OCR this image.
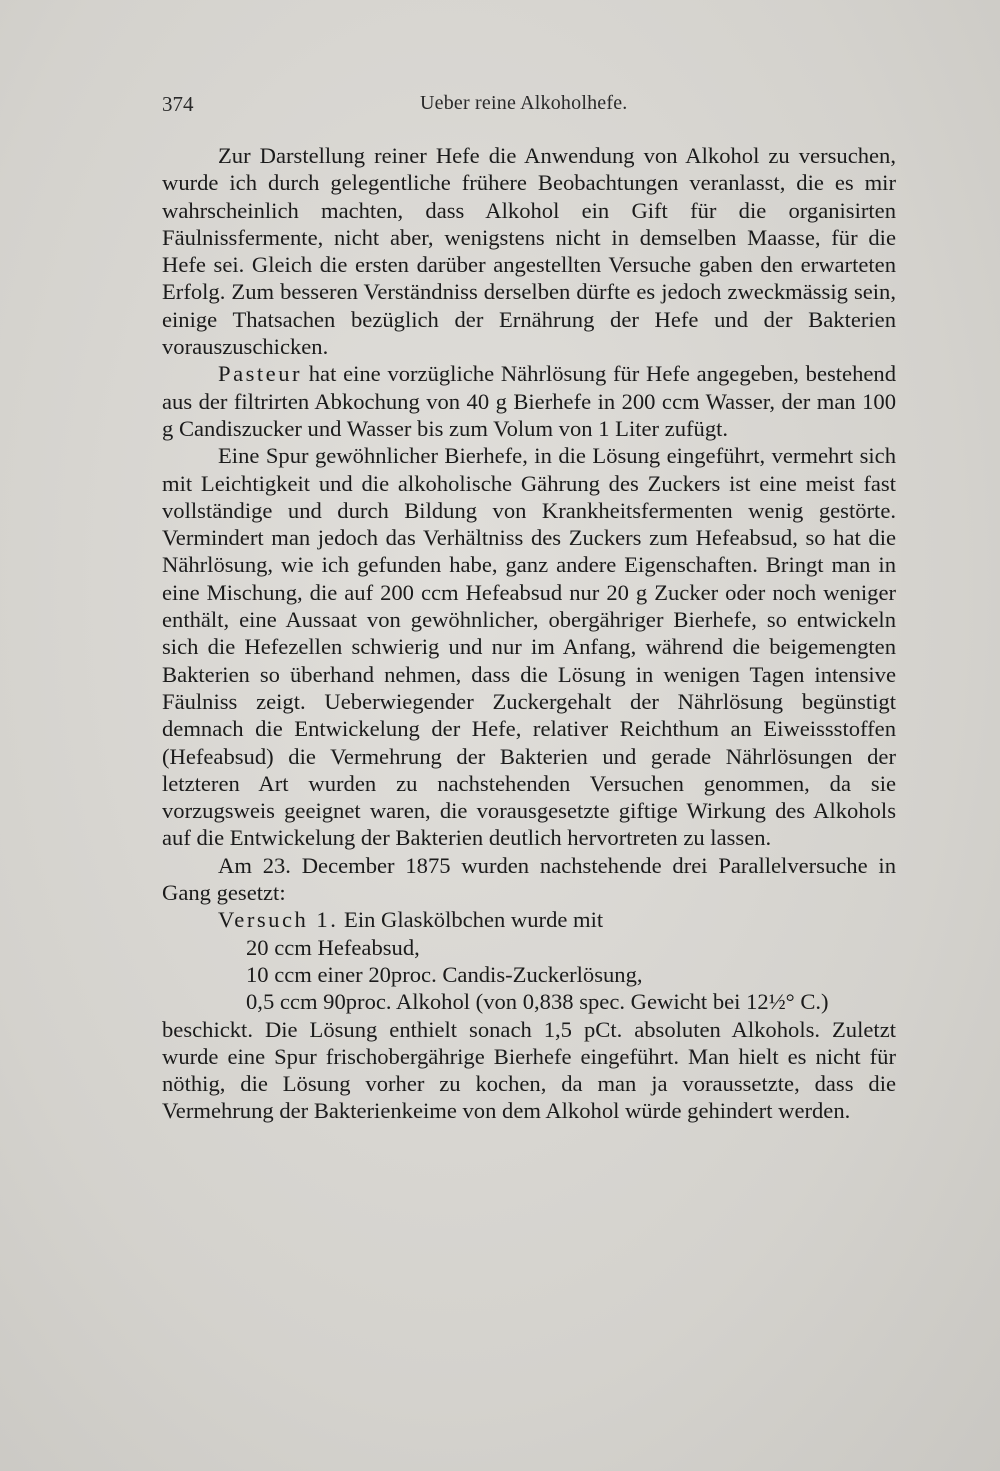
374	Ueber reine Alkoholhefe.

Zur Darstellung reiner Hefe die Anwendung von Alkohol zu versuchen, wurde ich durch gelegentliche frühere Beobachtungen veranlasst, die es mir wahrscheinlich machten, dass Alkohol ein Gift für die organisirten Fäulnissfermente, nicht aber, wenigstens nicht in demselben Maasse, für die Hefe sei. Gleich die ersten darüber angestellten Versuche gaben den erwarteten Erfolg. Zum besseren Verständniss derselben dürfte es jedoch zweckmässig sein, einige Thatsachen bezüglich der Ernährung der Hefe und der Bakterien vorauszuschicken.

Pasteur hat eine vorzügliche Nährlösung für Hefe angegeben, bestehend aus der filtrirten Abkochung von 40 g Bierhefe in 200 ccm Wasser, der man 100 g Candiszucker und Wasser bis zum Volum von 1 Liter zufügt.

Eine Spur gewöhnlicher Bierhefe, in die Lösung eingeführt, vermehrt sich mit Leichtigkeit und die alkoholische Gährung des Zuckers ist eine meist fast vollständige und durch Bildung von Krankheitsfermenten wenig gestörte. Vermindert man jedoch das Verhältniss des Zuckers zum Hefeabsud, so hat die Nährlösung, wie ich gefunden habe, ganz andere Eigenschaften. Bringt man in eine Mischung, die auf 200 ccm Hefeabsud nur 20 g Zucker oder noch weniger enthält, eine Aussaat von gewöhnlicher, obergähriger Bierhefe, so entwickeln sich die Hefezellen schwierig und nur im Anfang, während die beigemengten Bakterien so überhand nehmen, dass die Lösung in wenigen Tagen intensive Fäulniss zeigt. Ueberwiegender Zuckergehalt der Nährlösung begünstigt demnach die Entwickelung der Hefe, relativer Reichthum an Eiweissstoffen (Hefeabsud) die Vermehrung der Bakterien und gerade Nährlösungen der letzteren Art wurden zu nachstehenden Versuchen genommen, da sie vorzugsweis geeignet waren, die vorausgesetzte giftige Wirkung des Alkohols auf die Entwickelung der Bakterien deutlich hervortreten zu lassen.

Am 23. December 1875 wurden nachstehende drei Parallelversuche in Gang gesetzt:

Versuch 1. Ein Glaskölbchen wurde mit

20 ccm Hefeabsud,

10 ccm einer 20proc. Candis-Zuckerlösung,

0,5 ccm 90proc. Alkohol (von 0,838 spec. Gewicht bei 12½° C.)

beschickt. Die Lösung enthielt sonach 1,5 pCt. absoluten Alkohols. Zuletzt wurde eine Spur frischobergährige Bierhefe eingeführt. Man hielt es nicht für nöthig, die Lösung vorher zu kochen, da man ja voraussetzte, dass die Vermehrung der Bakterienkeime von dem Alkohol würde gehindert werden.
